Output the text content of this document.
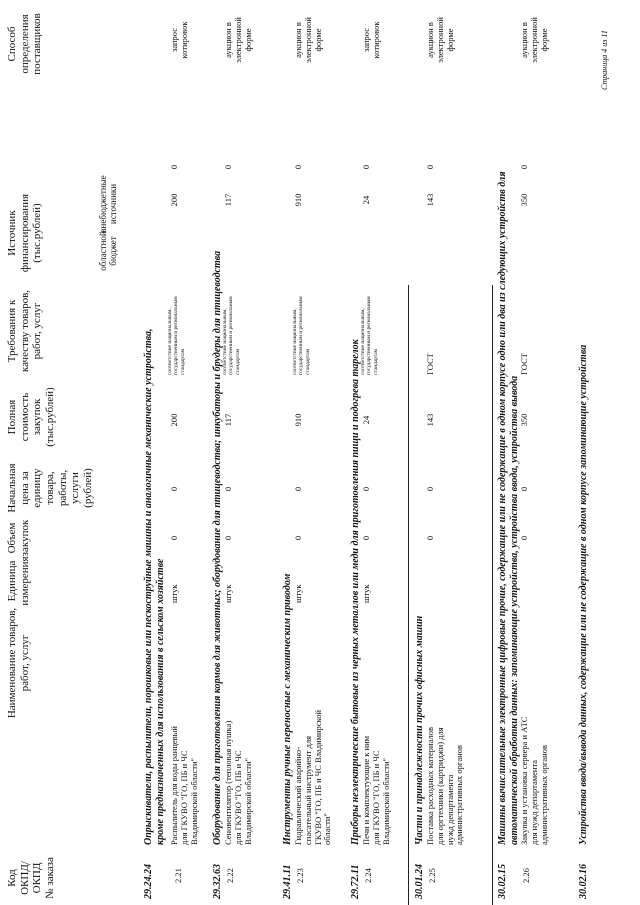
Код ОКПД/ ОКПД № заказа
Наименование товаров, работ, услуг
Единица измерения
Объем закупок
Начальная цена за единицу товара, работы, услуги (рублей)
Полная стоимость закупок (тыс.рублей)
Требования к качеству товаров, работ, услуг
Источник финансирования (тыс.рублей)	областной бюджет
внебюджетные источники
Способ определения поставщиков
29.24.24
Опрыскиватели, распылители, порошковые или пескоструйные машины и аналогичные механические устройства, кроме предназначенных для использования в сельском хозяйстве
2.21
Распылитель для воды ранцевый для ГКУВО "ГО, ПБ и ЧС Владимирской области"
штук
0
0
200
соответствие национальным, государственным и региональным стандартам
200
0
запрос котировок
29.32.63
Оборудование для приготовления кормов для животных; оборудование для птицеводства; инкубаторы и брудеры для птицеводства
2.22
Сеновентилятор (тепловая пушка) для ГКУВО "ГО, ПБ и ЧС Владимирской области"
штук
0
0
117
соответствие национальным, государственным и региональным стандартам
117
0
аукцион в электронной форме
29.41.11
Инструменты ручные переносные с механическим приводом
2.23
Гидравлический аварийно-спасательный инструмент для ГКУВО "ГО, ПБ и ЧС Владимирской области"
штук
0
0
910
соответствие национальным, государственным и региональным стандартам
910
0
аукцион в электронной форме
29.72.11
Приборы неэлектрические бытовые из черных металлов или меди для приготовления пищи и подогрева тарелок
2.24
Печи и комплектующие к ним для ГКУВО "ГО, ПБ и ЧС Владимирской области"
штук
0
0
24
соответствие национальным, государственным и региональным стандартам
24
0
запрос котировок
30.01.24
Части и принадлежности прочих офисных машин
2.25
Поставка расходных материалов для оргтехники (картриджи) для нужд департамента административных органов
0
0
143
ГОСТ
143
0
аукцион в электронной форме
30.02.15
Машины вычислительные электронные цифровые прочие, содержащие или не содержащие в одном корпусе одно или два из следующих устройств для автоматической обработки данных: запоминающие устройства, устройства ввода, устройства вывода
2.26
Закупка и установка сервера и АТС для нужд департамента административных органов
0
0
350
ГОСТ
350
0
аукцион в электронной форме
30.02.16
Устройства ввода/вывода данных, содержащие или не содержащие в одном корпусе запоминающие устройства
Страница 4 из 11
